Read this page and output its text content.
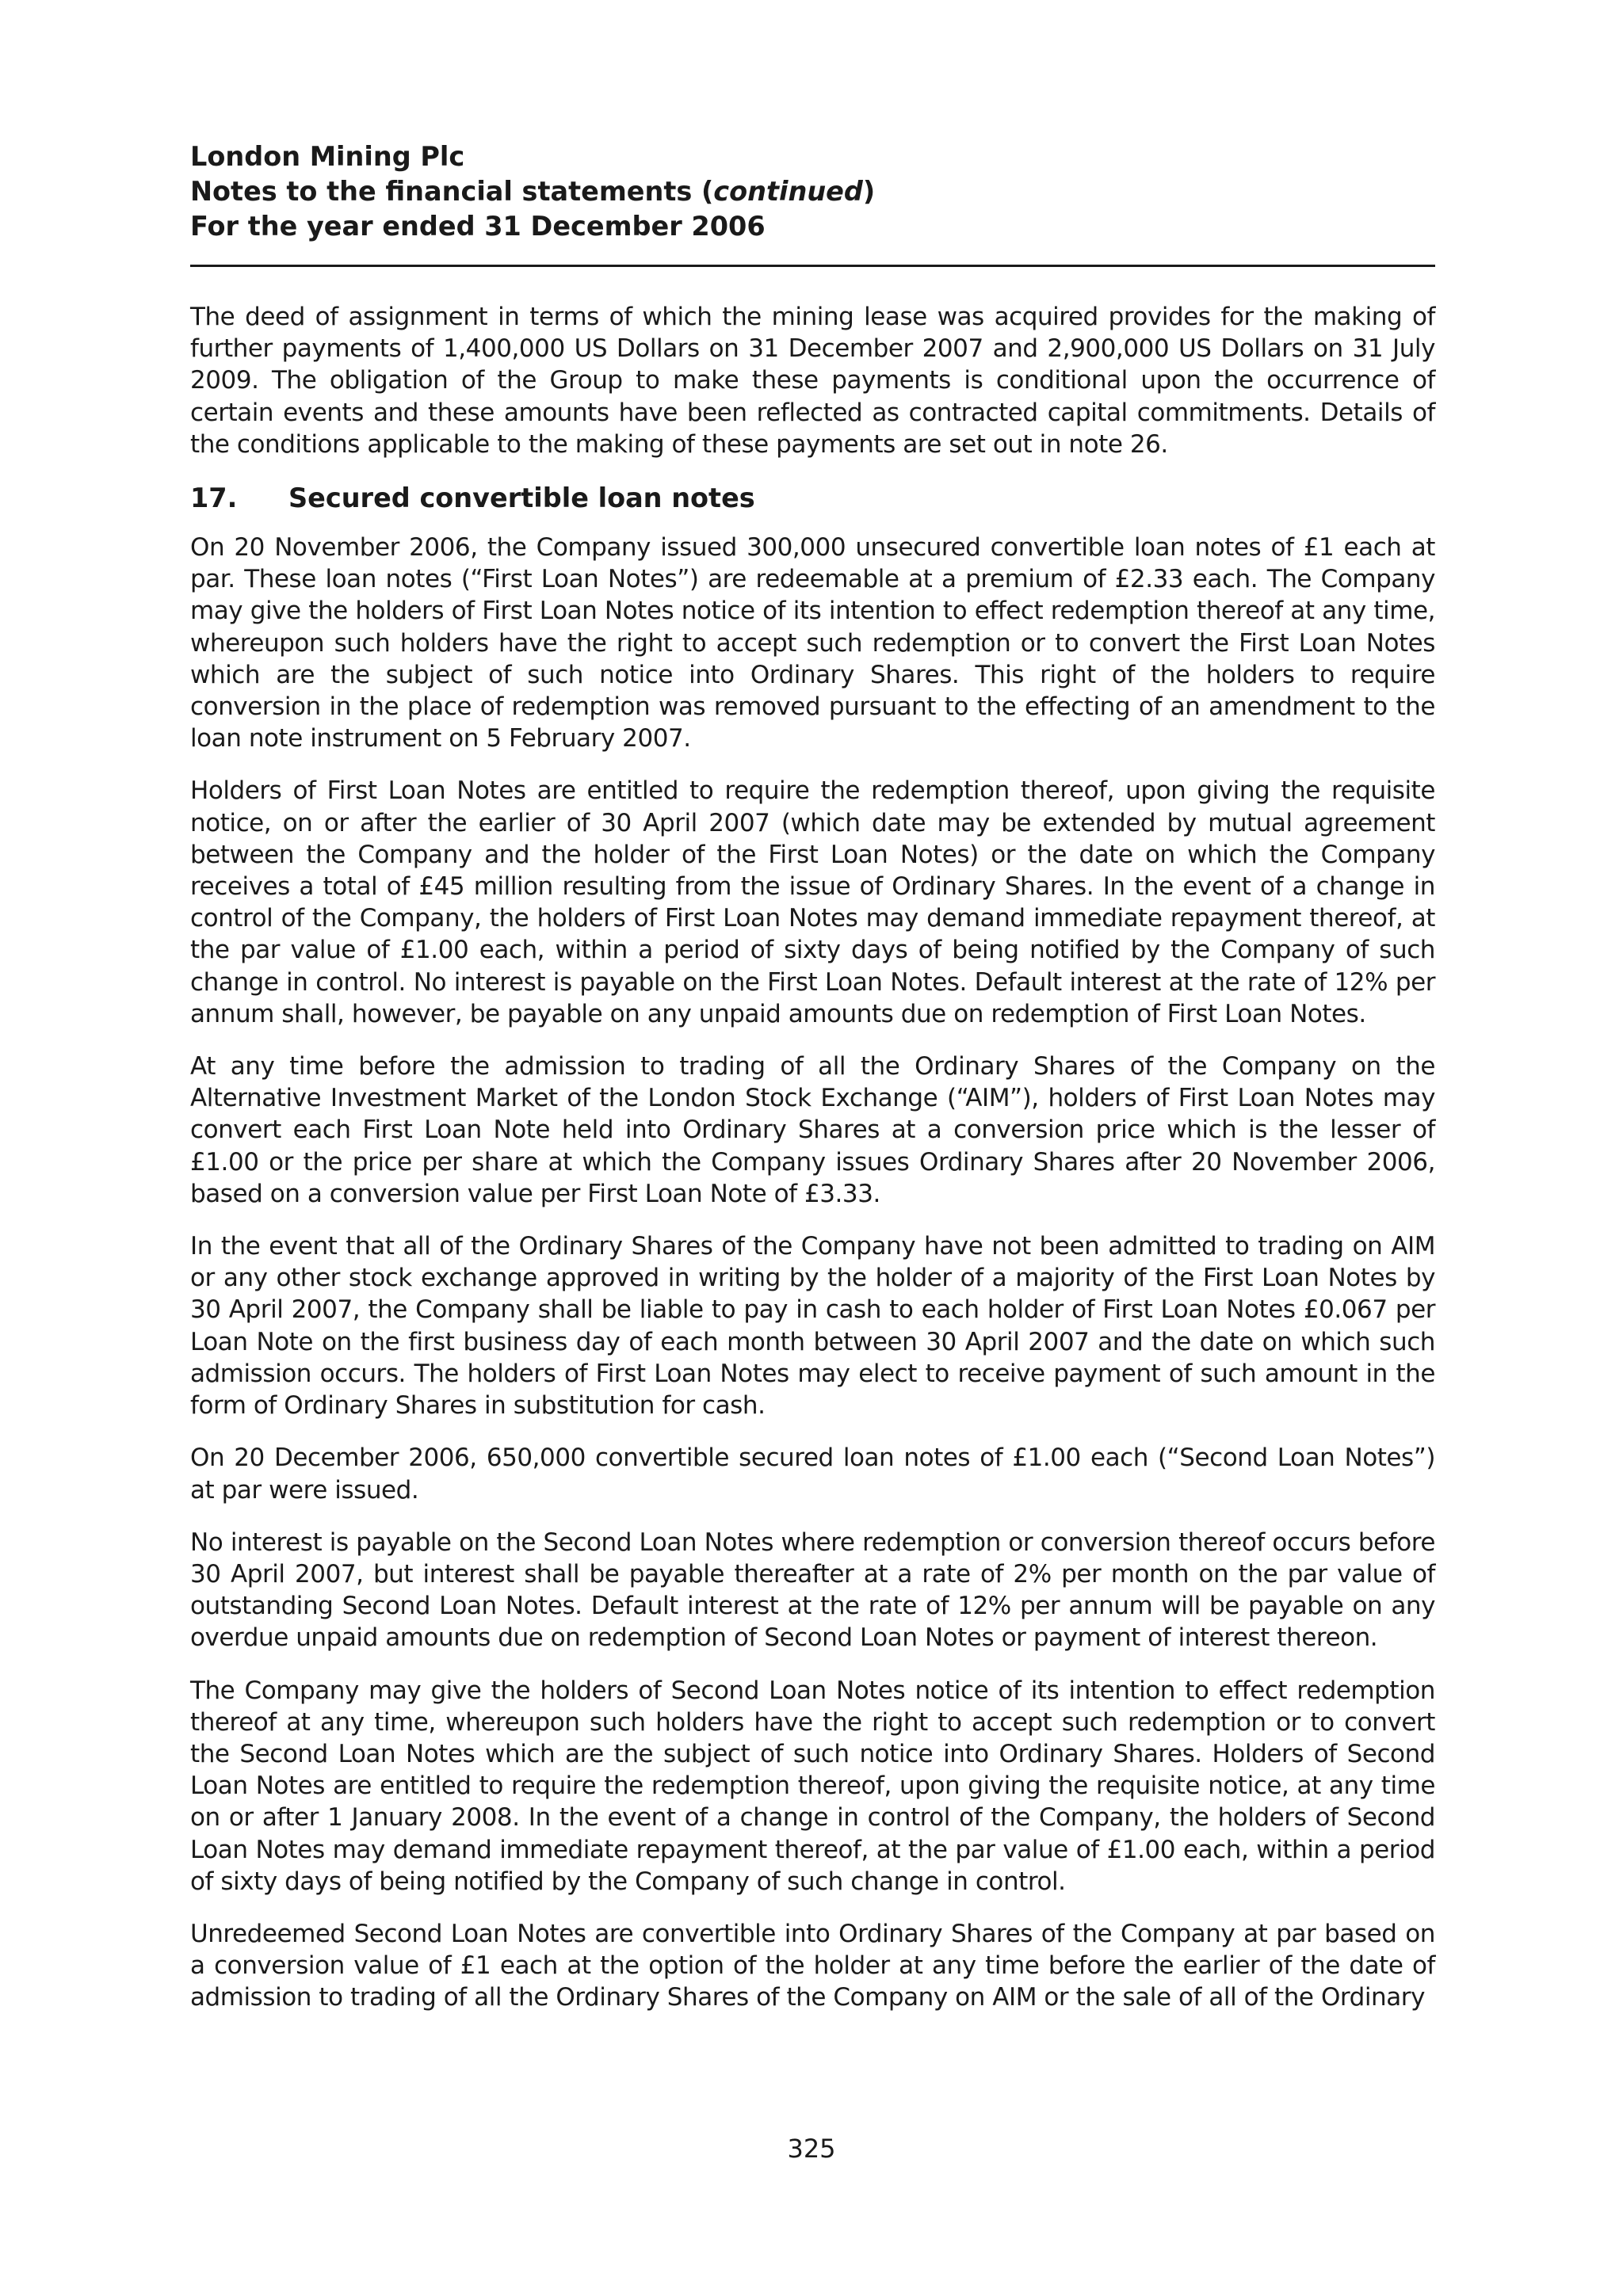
London Mining Plc

Notes to the financial statements (continued)

For the year ended 31 December 2006

The deed of assignment in terms of which the mining lease was acquired provides for the making of further payments of 1,400,000 US Dollars on 31 December 2007 and 2,900,000 US Dollars on 31 July 2009. The obligation of the Group to make these payments is conditional upon the occurrence of certain events and these amounts have been reflected as contracted capital commitments. Details of the conditions applicable to the making of these payments are set out in note 26.

17.	Secured convertible loan notes

On 20 November 2006, the Company issued 300,000 unsecured convertible loan notes of £1 each at par. These loan notes (“First Loan Notes”) are redeemable at a premium of £2.33 each. The Company may give the holders of First Loan Notes notice of its intention to effect redemption thereof at any time, whereupon such holders have the right to accept such redemption or to convert the First Loan Notes which are the subject of such notice into Ordinary Shares. This right of the holders to require conversion in the place of redemption was removed pursuant to the effecting of an amendment to the loan note instrument on 5 February 2007.

Holders of First Loan Notes are entitled to require the redemption thereof, upon giving the requisite notice, on or after the earlier of 30 April 2007 (which date may be extended by mutual agreement between the Company and the holder of the First Loan Notes) or the date on which the Company receives a total of £45 million resulting from the issue of Ordinary Shares. In the event of a change in control of the Company, the holders of First Loan Notes may demand immediate repayment thereof, at the par value of £1.00 each, within a period of sixty days of being notified by the Company of such change in control. No interest is payable on the First Loan Notes. Default interest at the rate of 12% per annum shall, however, be payable on any unpaid amounts due on redemption of First Loan Notes.

At any time before the admission to trading of all the Ordinary Shares of the Company on the Alternative Investment Market of the London Stock Exchange (“AIM”), holders of First Loan Notes may convert each First Loan Note held into Ordinary Shares at a conversion price which is the lesser of £1.00 or the price per share at which the Company issues Ordinary Shares after 20 November 2006, based on a conversion value per First Loan Note of £3.33.

In the event that all of the Ordinary Shares of the Company have not been admitted to trading on AIM or any other stock exchange approved in writing by the holder of a majority of the First Loan Notes by 30 April 2007, the Company shall be liable to pay in cash to each holder of First Loan Notes £0.067 per Loan Note on the first business day of each month between 30 April 2007 and the date on which such admission occurs. The holders of First Loan Notes may elect to receive payment of such amount in the form of Ordinary Shares in substitution for cash.

On 20 December 2006, 650,000 convertible secured loan notes of £1.00 each (“Second Loan Notes”) at par were issued.

No interest is payable on the Second Loan Notes where redemption or conversion thereof occurs before 30 April 2007, but interest shall be payable thereafter at a rate of 2% per month on the par value of outstanding Second Loan Notes. Default interest at the rate of 12% per annum will be payable on any overdue unpaid amounts due on redemption of Second Loan Notes or payment of interest thereon.

The Company may give the holders of Second Loan Notes notice of its intention to effect redemption thereof at any time, whereupon such holders have the right to accept such redemption or to convert the Second Loan Notes which are the subject of such notice into Ordinary Shares. Holders of Second Loan Notes are entitled to require the redemption thereof, upon giving the requisite notice, at any time on or after 1 January 2008. In the event of a change in control of the Company, the holders of Second Loan Notes may demand immediate repayment thereof, at the par value of £1.00 each, within a period of sixty days of being notified by the Company of such change in control.

Unredeemed Second Loan Notes are convertible into Ordinary Shares of the Company at par based on a conversion value of £1 each at the option of the holder at any time before the earlier of the date of admission to trading of all the Ordinary Shares of the Company on AIM or the sale of all of the Ordinary

325
